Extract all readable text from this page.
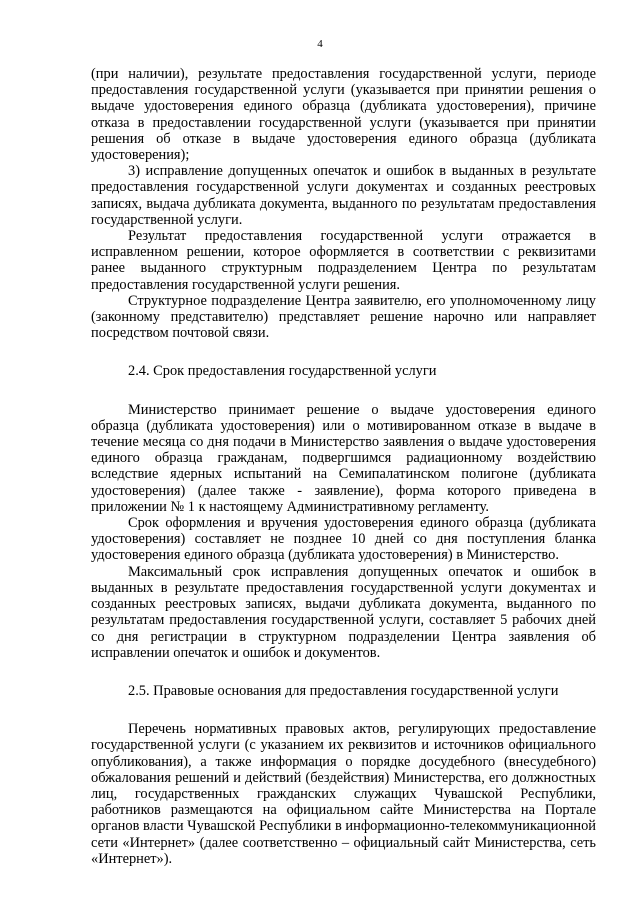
4

(при наличии), результате предоставления государственной услуги, периоде предоставления государственной услуги (указывается при принятии решения о выдаче удостоверения единого образца (дубликата удостоверения), причине отказа в предоставлении государственной услуги (указывается при принятии решения об отказе в выдаче удостоверения единого образца (дубликата удостоверения);

3) исправление допущенных опечаток и ошибок в выданных в результате предоставления государственной услуги документах и созданных реестровых записях, выдача дубликата документа, выданного по результатам предоставления государственной услуги.

Результат предоставления государственной услуги отражается в исправленном решении, которое оформляется в соответствии с реквизитами ранее выданного структурным подразделением Центра по результатам предоставления государственной услуги решения.

Структурное подразделение Центра заявителю, его уполномоченному лицу (законному представителю) представляет решение нарочно или направляет посредством почтовой связи.

2.4. Срок предоставления государственной услуги

Министерство принимает решение о выдаче удостоверения единого образца (дубликата удостоверения) или о мотивированном отказе в выдаче в течение месяца со дня подачи в Министерство заявления о выдаче удостоверения единого образца гражданам, подвергшимся радиационному воздействию вследствие ядерных испытаний на Семипалатинском полигоне (дубликата удостоверения) (далее также - заявление), форма которого приведена в приложении № 1 к настоящему Административному регламенту.

Срок оформления и вручения удостоверения единого образца (дубликата удостоверения) составляет не позднее 10 дней со дня поступления бланка удостоверения единого образца (дубликата удостоверения) в Министерство.

Максимальный срок исправления допущенных опечаток и ошибок в выданных в результате предоставления государственной услуги документах и созданных реестровых записях, выдачи дубликата документа, выданного по результатам предоставления государственной услуги, составляет 5 рабочих дней со дня регистрации в структурном подразделении Центра заявления об исправлении опечаток и ошибок и документов.

2.5. Правовые основания для предоставления государственной услуги

Перечень нормативных правовых актов, регулирующих предоставление государственной услуги (с указанием их реквизитов и источников официального опубликования), а также информация о порядке досудебного (внесудебного) обжалования решений и действий (бездействия) Министерства, его должностных лиц, государственных гражданских служащих Чувашской Республики, работников размещаются на официальном сайте Министерства на Портале органов власти Чувашской Республики в информационно-телекоммуникационной сети «Интернет» (далее соответственно – официальный сайт Министерства, сеть «Интернет»).
